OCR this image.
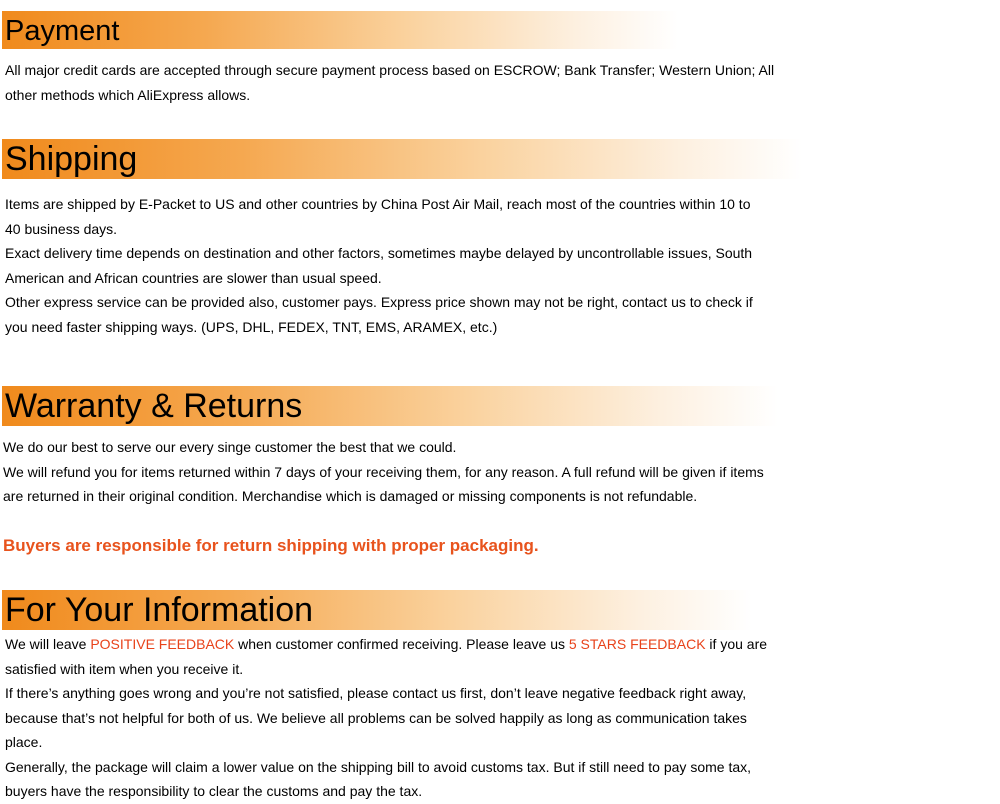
Payment

All major credit cards are accepted through secure payment process based on ESCROW; Bank Transfer; Western Union; All other methods which AliExpress allows.

Shipping

Items are shipped by E-Packet to US and other countries by China Post Air Mail, reach most of the countries within 10 to 40 business days.

Exact delivery time depends on destination and other factors, sometimes maybe delayed by uncontrollable issues, South American and African countries are slower than usual speed.

Other express service can be provided also, customer pays. Express price shown may not be right, contact us to check if you need faster shipping ways. (UPS, DHL, FEDEX, TNT, EMS, ARAMEX, etc.)

Warranty & Returns

We do our best to serve our every singe customer the best that we could.

We will refund you for items returned within 7 days of your receiving them, for any reason. A full refund will be given if items are returned in their original condition. Merchandise which is damaged or missing components is not refundable.

Buyers are responsible for return shipping with proper packaging.

For Your Information

We will leave POSITIVE FEEDBACK when customer confirmed receiving. Please leave us 5 STARS FEEDBACK if you are satisfied with item when you receive it.

If there’s anything goes wrong and you’re not satisfied, please contact us first, don’t leave negative feedback right away, because that’s not helpful for both of us. We believe all problems can be solved happily as long as communication takes place.

Generally, the package will claim a lower value on the shipping bill to avoid customs tax. But if still need to pay some tax, buyers have the responsibility to clear the customs and pay the tax.
